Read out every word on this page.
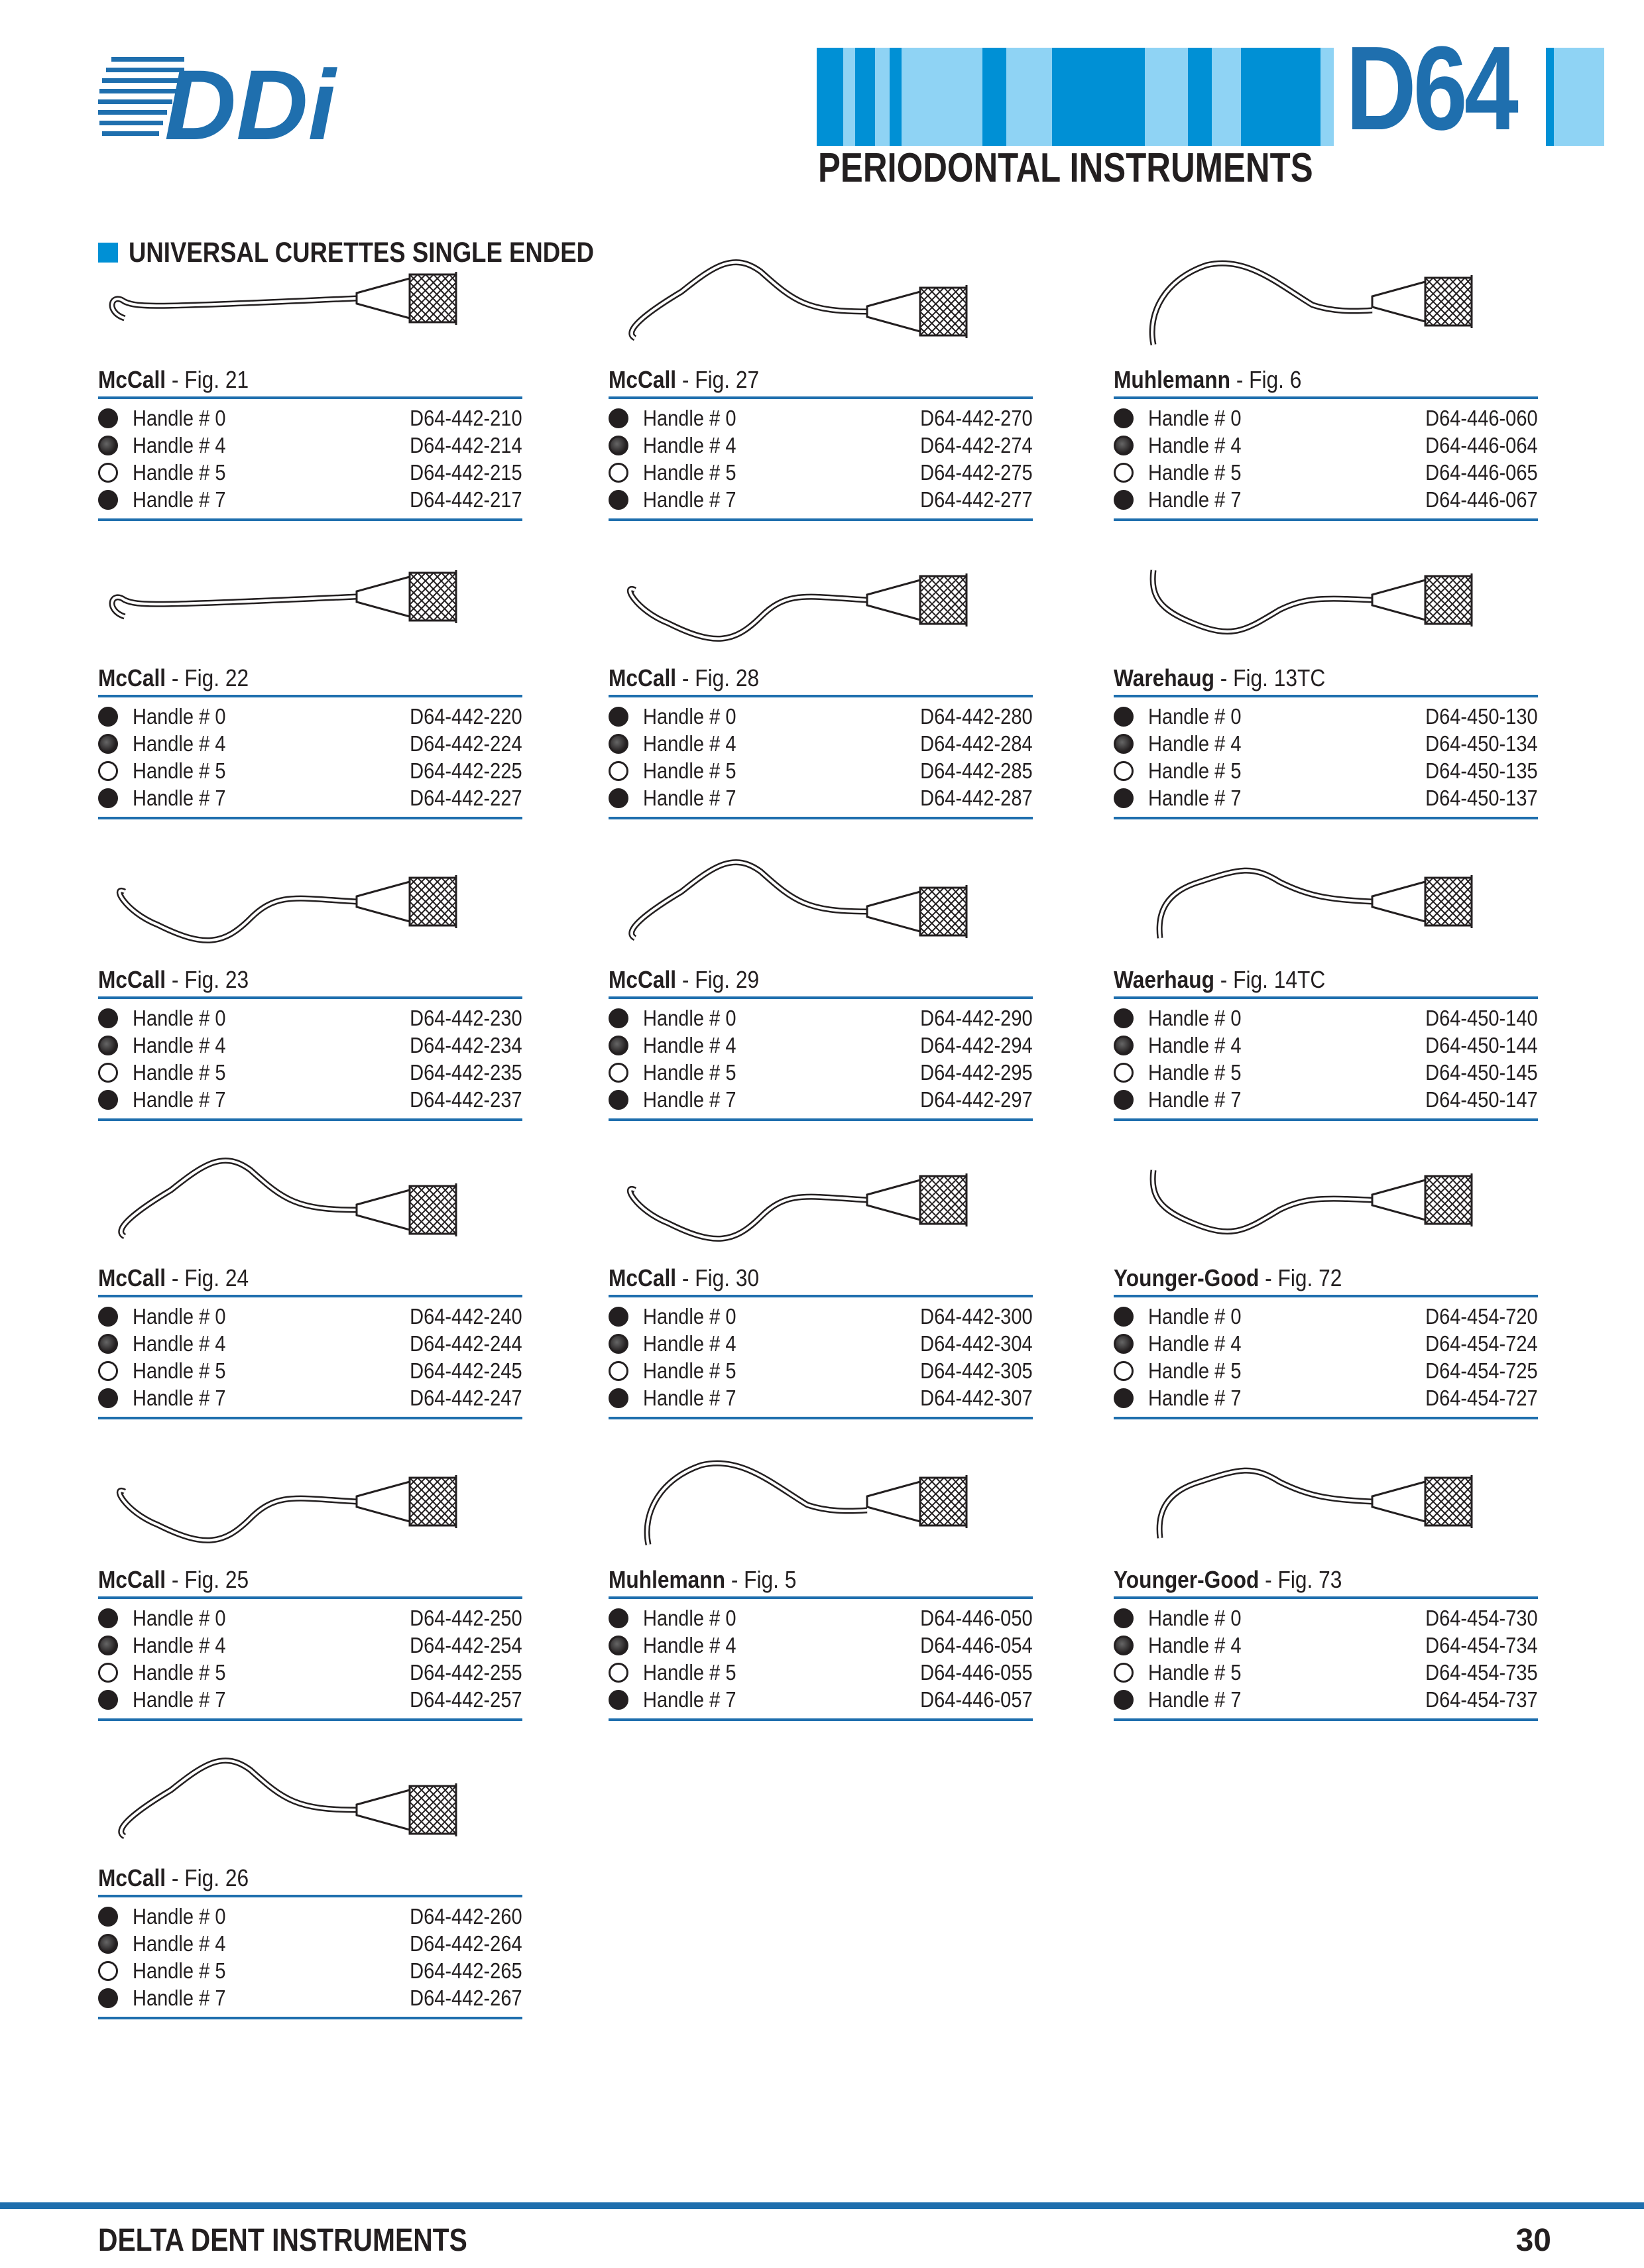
DDi	D64
PERIODONTAL INSTRUMENTS
UNIVERSAL CURETTES SINGLE ENDED
McCall - Fig. 21
Handle # 0	D64-442-210
Handle # 4	D64-442-214
Handle # 5	D64-442-215
Handle # 7	D64-442-217
McCall - Fig. 27
Handle # 0	D64-442-270
Handle # 4	D64-442-274
Handle # 5	D64-442-275
Handle # 7	D64-442-277
Muhlemann - Fig. 6
Handle # 0	D64-446-060
Handle # 4	D64-446-064
Handle # 5	D64-446-065
Handle # 7	D64-446-067
McCall - Fig. 22
Handle # 0	D64-442-220
Handle # 4	D64-442-224
Handle # 5	D64-442-225
Handle # 7	D64-442-227
McCall - Fig. 28
Handle # 0	D64-442-280
Handle # 4	D64-442-284
Handle # 5	D64-442-285
Handle # 7	D64-442-287
Warehaug - Fig. 13TC
Handle # 0	D64-450-130
Handle # 4	D64-450-134
Handle # 5	D64-450-135
Handle # 7	D64-450-137
McCall - Fig. 23
Handle # 0	D64-442-230
Handle # 4	D64-442-234
Handle # 5	D64-442-235
Handle # 7	D64-442-237
McCall - Fig. 29
Handle # 0	D64-442-290
Handle # 4	D64-442-294
Handle # 5	D64-442-295
Handle # 7	D64-442-297
Waerhaug - Fig. 14TC
Handle # 0	D64-450-140
Handle # 4	D64-450-144
Handle # 5	D64-450-145
Handle # 7	D64-450-147
McCall - Fig. 24
Handle # 0	D64-442-240
Handle # 4	D64-442-244
Handle # 5	D64-442-245
Handle # 7	D64-442-247
McCall - Fig. 30
Handle # 0	D64-442-300
Handle # 4	D64-442-304
Handle # 5	D64-442-305
Handle # 7	D64-442-307
Younger-Good - Fig. 72
Handle # 0	D64-454-720
Handle # 4	D64-454-724
Handle # 5	D64-454-725
Handle # 7	D64-454-727
McCall - Fig. 25
Handle # 0	D64-442-250
Handle # 4	D64-442-254
Handle # 5	D64-442-255
Handle # 7	D64-442-257
Muhlemann - Fig. 5
Handle # 0	D64-446-050
Handle # 4	D64-446-054
Handle # 5	D64-446-055
Handle # 7	D64-446-057
Younger-Good - Fig. 73
Handle # 0	D64-454-730
Handle # 4	D64-454-734
Handle # 5	D64-454-735
Handle # 7	D64-454-737
McCall - Fig. 26
Handle # 0	D64-442-260
Handle # 4	D64-442-264
Handle # 5	D64-442-265
Handle # 7	D64-442-267
DELTA DENT INSTRUMENTS	30
